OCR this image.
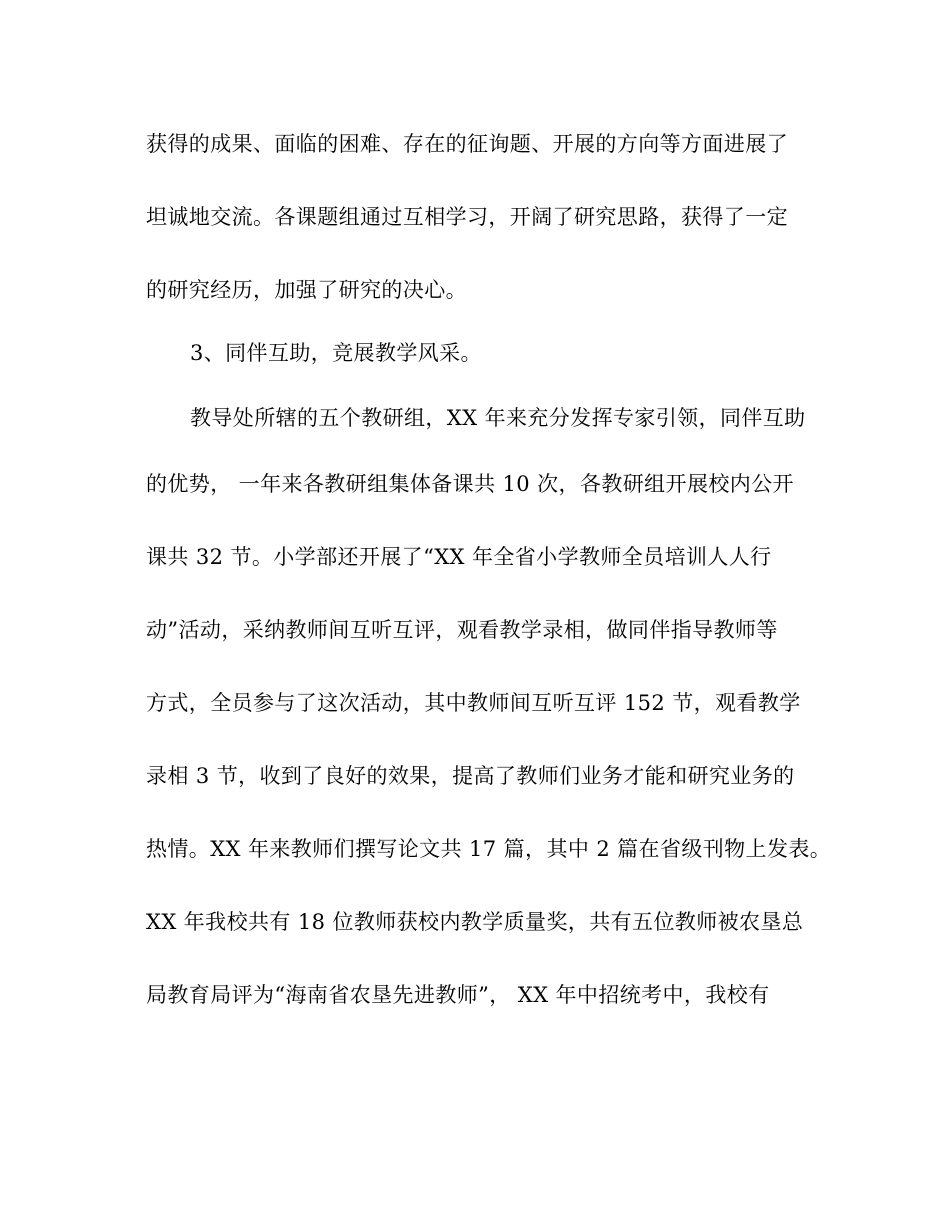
获得的成果、面临的困难、存在的征询题、开展的方向等方面进展了
坦诚地交流。各课题组通过互相学习，开阔了研究思路，获得了一定
的研究经历，加强了研究的决心。
3、同伴互助，竞展教学风采。
教导处所辖的五个教研组，XX 年来充分发挥专家引领，同伴互助
的优势， 一年来各教研组集体备课共 10 次，各教研组开展校内公开
课共 32 节。小学部还开展了“XX 年全省小学教师全员培训人人行
动”活动，采纳教师间互听互评，观看教学录相，做同伴指导教师等
方式，全员参与了这次活动，其中教师间互听互评 152 节，观看教学
录相 3 节，收到了良好的效果，提高了教师们业务才能和研究业务的
热情。XX 年来教师们撰写论文共 17 篇，其中 2 篇在省级刊物上发表。
XX 年我校共有 18 位教师获校内教学质量奖，共有五位教师被农垦总
局教育局评为“海南省农垦先进教师”， XX 年中招统考中，我校有
